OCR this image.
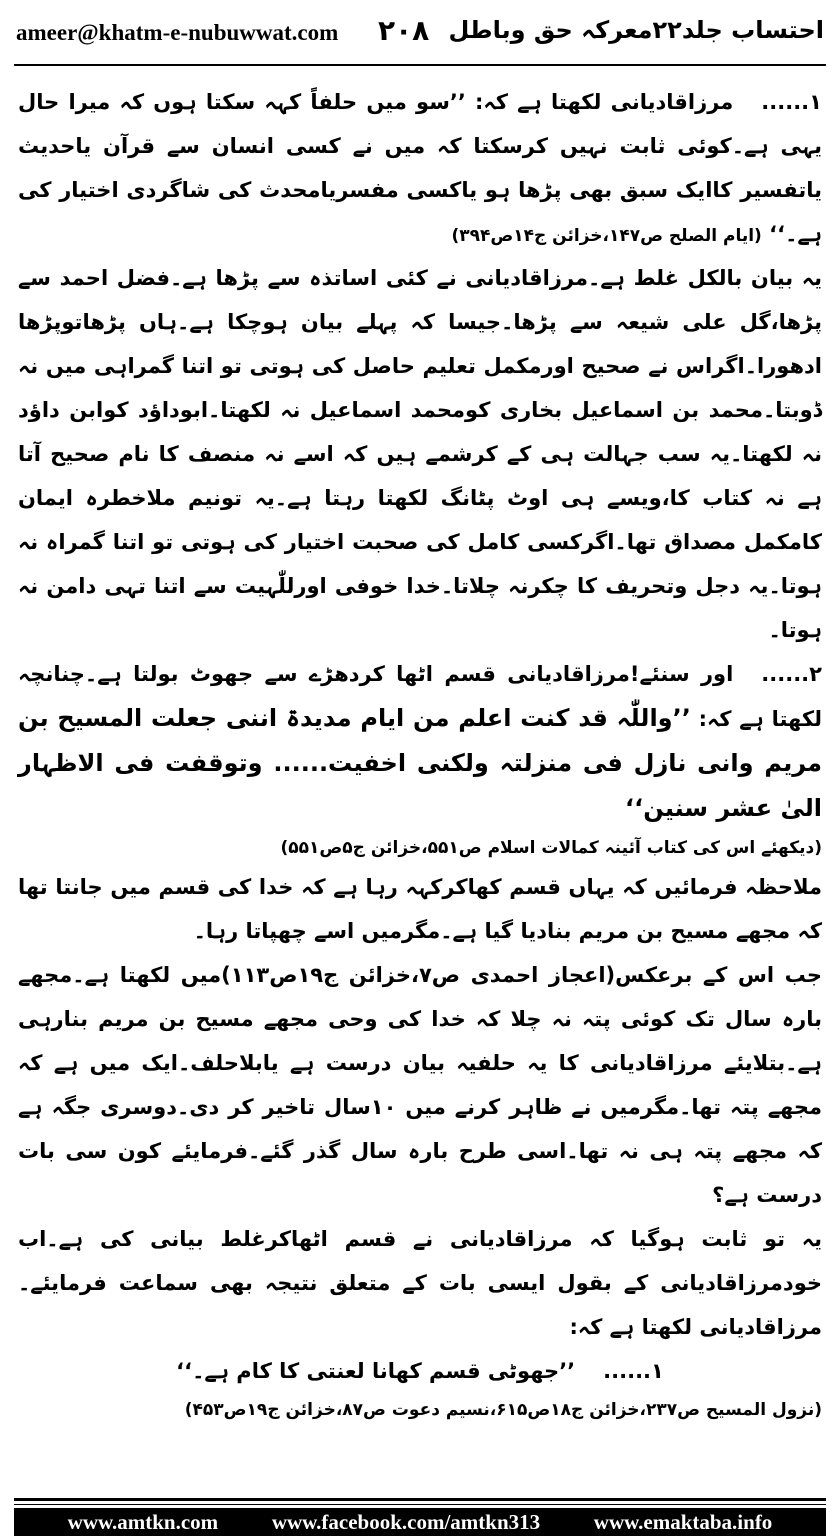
ameer@khatm-e-nubuwwat.com ۲۰۸ احتساب جلد۲۲معرکہ حق وباطل

۱......مرزاقادیانی لکھتا ہے کہ: ’’سو میں حلفاً کہہ سکتا ہوں کہ میرا حال یہی ہے۔کوئی ثابت نہیں کرسکتا کہ میں نے کسی انسان سے قرآن یاحدیث یاتفسیر کاایک سبق بھی پڑھا ہو یاکسی مفسریامحدث کی شاگردی اختیار کی ہے۔‘‘ (ایام الصلح ص۱۴۷،خزائن ج۱۴ص۳۹۴)

یہ بیان بالکل غلط ہے۔مرزاقادیانی نے کئی اساتذہ سے پڑھا ہے۔فضل احمد سے پڑھا،گل علی شیعہ سے پڑھا۔جیسا کہ پہلے بیان ہوچکا ہے۔ہاں پڑھاتوپڑھا ادھورا۔اگراس نے صحیح اورمکمل تعلیم حاصل کی ہوتی تو اتنا گمراہی میں نہ ڈوبتا۔محمد بن اسماعیل بخاری کومحمد اسماعیل نہ لکھتا۔ابوداؤد کوابن داؤد نہ لکھتا۔یہ سب جہالت ہی کے کرشمے ہیں کہ اسے نہ منصف کا نام صحیح آتا ہے نہ کتاب کا،ویسے ہی اوٹ پٹانگ لکھتا رہتا ہے۔یہ تونیم ملاخطرہ ایمان کامکمل مصداق تھا۔اگرکسی کامل کی صحبت اختیار کی ہوتی تو اتنا گمراہ نہ ہوتا۔یہ دجل وتحریف کا چکرنہ چلاتا۔خدا خوفی اورللّٰہیت سے اتنا تہی دامن نہ ہوتا۔

۲......اور سنئے!مرزاقادیانی قسم اٹھا کردھڑے سے جھوٹ بولتا ہے۔چنانچہ لکھتا ہے کہ: ’’واللّٰہ قد کنت اعلم من ایام مدیدۃ اننی جعلت المسیح بن مریم وانی نازل فی منزلتہ ولکنی اخفیت...... وتوقفت فی الاظہار الیٰ عشر سنین‘‘

(دیکھئے اس کی کتاب آئینہ کمالات اسلام ص۵۵۱،خزائن ج۵ص۵۵۱)

ملاحظہ فرمائیں کہ یہاں قسم کھاکرکہہ رہا ہے کہ خدا کی قسم میں جانتا تھا کہ مجھے مسیح بن مریم بنادیا گیا ہے۔مگرمیں اسے چھپاتا رہا۔

جب اس کے برعکس(اعجاز احمدی ص۷،خزائن ج۱۹ص۱۱۳)میں لکھتا ہے۔مجھے بارہ سال تک کوئی پتہ نہ چلا کہ خدا کی وحی مجھے مسیح بن مریم بنارہی ہے۔بتلایئے مرزاقادیانی کا یہ حلفیہ بیان درست ہے یابلاحلف۔ایک میں ہے کہ مجھے پتہ تھا۔مگرمیں نے ظاہر کرنے میں ۱۰سال تاخیر کر دی۔دوسری جگہ ہے کہ مجھے پتہ ہی نہ تھا۔اسی طرح بارہ سال گذر گئے۔فرمایئے کون سی بات درست ہے؟

یہ تو ثابت ہوگیا کہ مرزاقادیانی نے قسم اٹھاکرغلط بیانی کی ہے۔اب خودمرزاقادیانی کے بقول ایسی بات کے متعلق نتیجہ بھی سماعت فرمایئے۔مرزاقادیانی لکھتا ہے کہ:

۱......’’جھوٹی قسم کھانا لعنتی کا کام ہے۔‘‘

(نزول المسیح ص۲۳۷،خزائن ج۱۸ص۶۱۵،نسیم دعوت ص۸۷،خزائن ج۱۹ص۴۵۳)

www.amtkn.com	www.facebook.com/amtkn313	www.emaktaba.info
